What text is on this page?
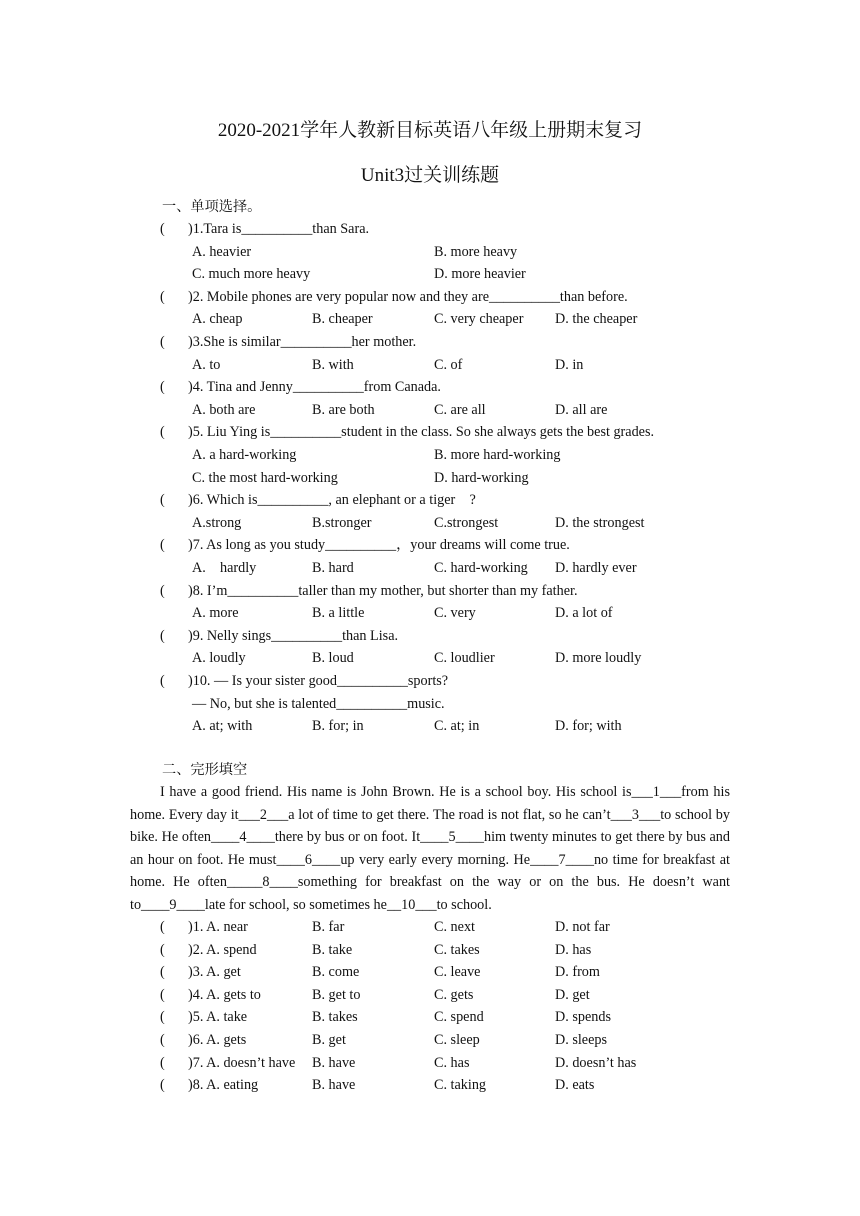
2020-2021学年人教新目标英语八年级上册期末复习
Unit3过关训练题
一、单项选择。
( )1.Tara is__________than Sara.
A. heavier	B. more heavy
C. much more heavy	D. more heavier
( )2. Mobile phones are very popular now and they are__________than before.
A. cheap	B. cheaper	C. very cheaper D. the cheaper
( )3.She is similar__________her mother.
A. to	B. with	C. of	D. in
( )4. Tina and Jenny__________from Canada.
A. both are	B. are both	C. are all	D. all are
( )5. Liu Ying is__________student in the class. So she always gets the best grades.
A. a hard-working	B. more hard-working
C. the most hard-working	D. hard-working
( )6. Which is__________, an elephant or a tiger　?
A.strong	B.stronger	C.strongest	D. the strongest
( )7. As long as you study__________，your dreams will come true.
A.　hardly	B. hard	C. hard-working D. hardly ever
( )8. I’m__________taller than my mother, but shorter than my father.
A. more	B. a little	C. very	D. a lot of
( )9. Nelly sings__________than Lisa.
A. loudly	B. loud	C. loudlier	D. more loudly
( )10. — Is your sister good__________sports?
— No, but she is talented__________music.
A. at; with	B. for; in	C. at; in	D. for; with
二、完形填空
I have a good friend. His name is John Brown. He is a school boy. His school is___1___from his home. Every day it___2___a lot of time to get there. The road is not flat, so he can’t___3___to school by bike. He often____4____there by bus or on foot. It____5____him twenty minutes to get there by bus and an hour on foot. He must____6____up very early every morning. He____7____no time for breakfast at home. He often_____8____something for breakfast on the way or on the bus. He doesn’t want to____9____late for school, so sometimes he__10___to school.
( )1. A. near	B. far	C. next	D. not far
( )2. A. spend	B. take	C. takes	D. has
( )3. A. get	B. come	C. leave	D. from
( )4. A. gets to	B. get to	C. gets	D. get
( )5. A. take	B. takes	C. spend	D. spends
( )6. A. gets	B. get	C. sleep	D. sleeps
( )7. A. doesn’t have B. have	C. has	D. doesn’t has
( )8. A. eating	B. have	C. taking	D. eats
